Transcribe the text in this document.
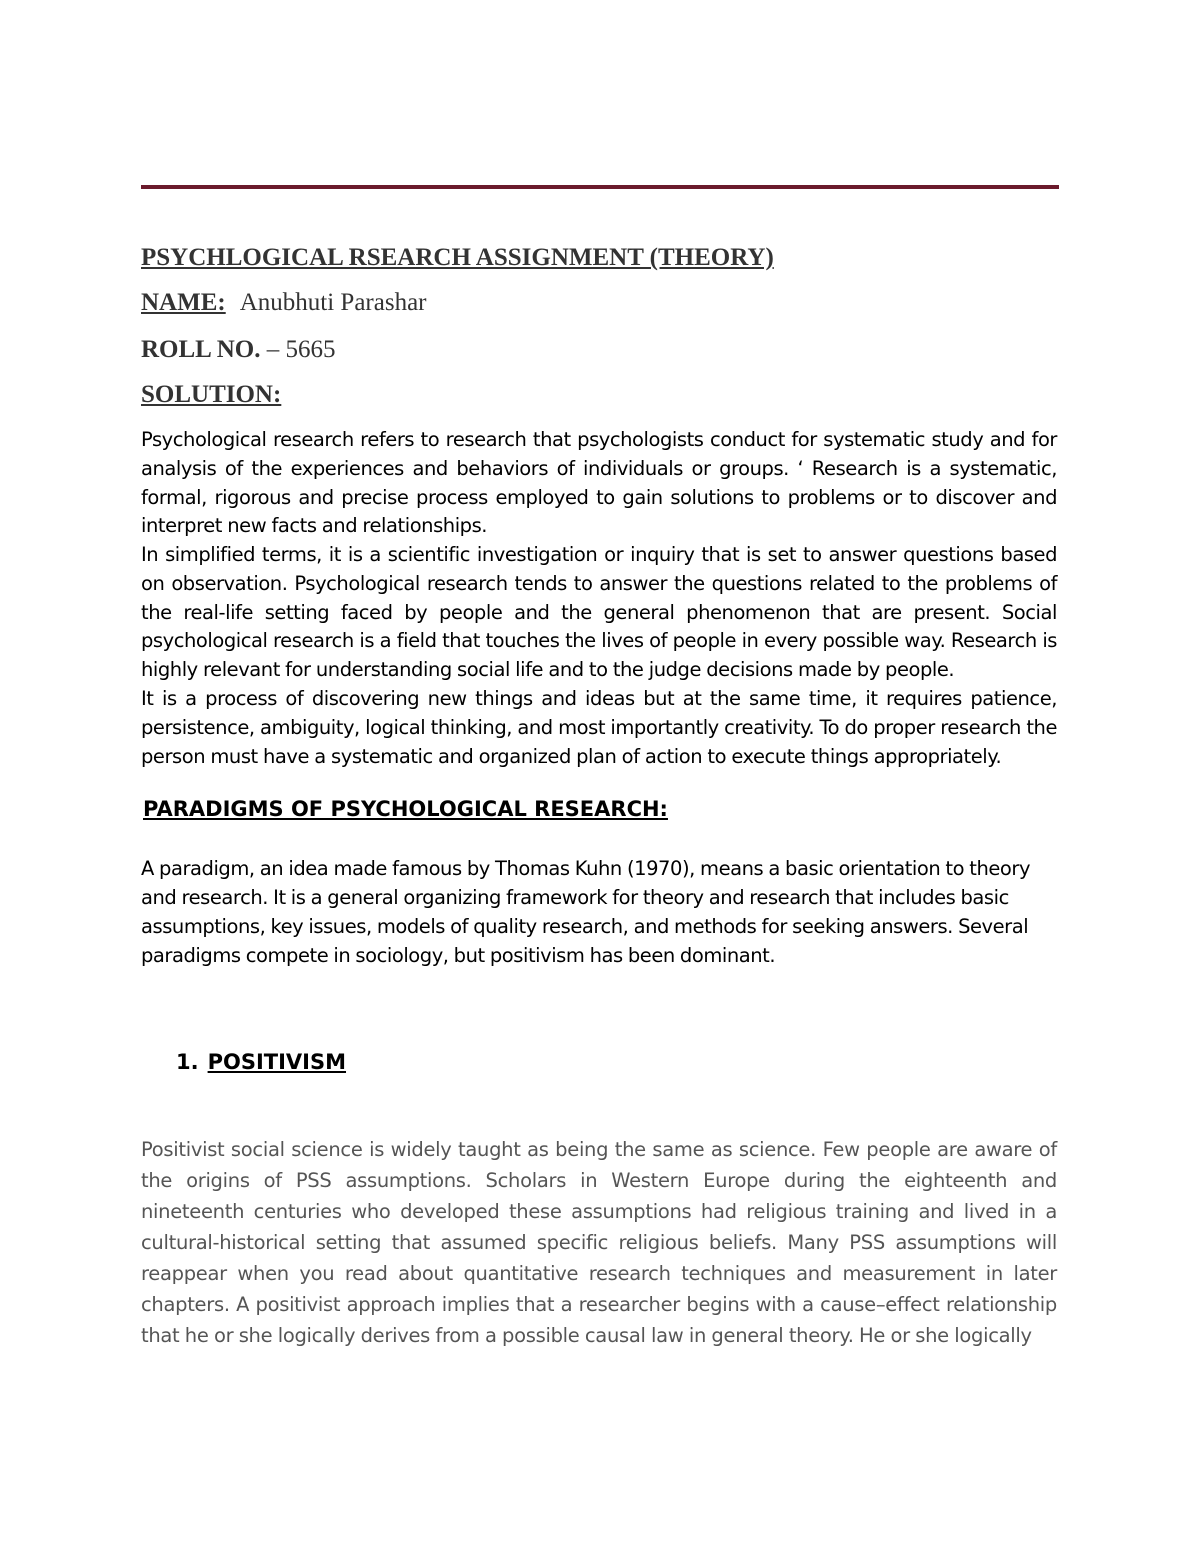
PSYCHLOGICAL RSEARCH ASSIGNMENT (THEORY)
NAME: Anubhuti Parashar
ROLL NO. – 5665
SOLUTION:

Psychological research refers to research that psychologists conduct for systematic study and for analysis of the experiences and behaviors of individuals or groups. ‘ Research is a systematic, formal, rigorous and precise process employed to gain solutions to problems or to discover and interpret new facts and relationships.

In simplified terms, it is a scientific investigation or inquiry that is set to answer questions based on observation. Psychological research tends to answer the questions related to the problems of the real-life setting faced by people and the general phenomenon that are present. Social psychological research is a field that touches the lives of people in every possible way. Research is highly relevant for understanding social life and to the judge decisions made by people.

It is a process of discovering new things and ideas but at the same time, it requires patience, persistence, ambiguity, logical thinking, and most importantly creativity. To do proper research the person must have a systematic and organized plan of action to execute things appropriately.

PARADIGMS OF PSYCHOLOGICAL RESEARCH:

A paradigm, an idea made famous by Thomas Kuhn (1970), means a basic orientation to theory and research. It is a general organizing framework for theory and research that includes basic assumptions, key issues, models of quality research, and methods for seeking answers. Several paradigms compete in sociology, but positivism has been dominant.

1. POSITIVISM

Positivist social science is widely taught as being the same as science. Few people are aware of the origins of PSS assumptions. Scholars in Western Europe during the eighteenth and nineteenth centuries who developed these assumptions had religious training and lived in a cultural-historical setting that assumed specific religious beliefs. Many PSS assumptions will reappear when you read about quantitative research techniques and measurement in later chapters. A positivist approach implies that a researcher begins with a cause–effect relationship that he or she logically derives from a possible causal law in general theory. He or she logically
